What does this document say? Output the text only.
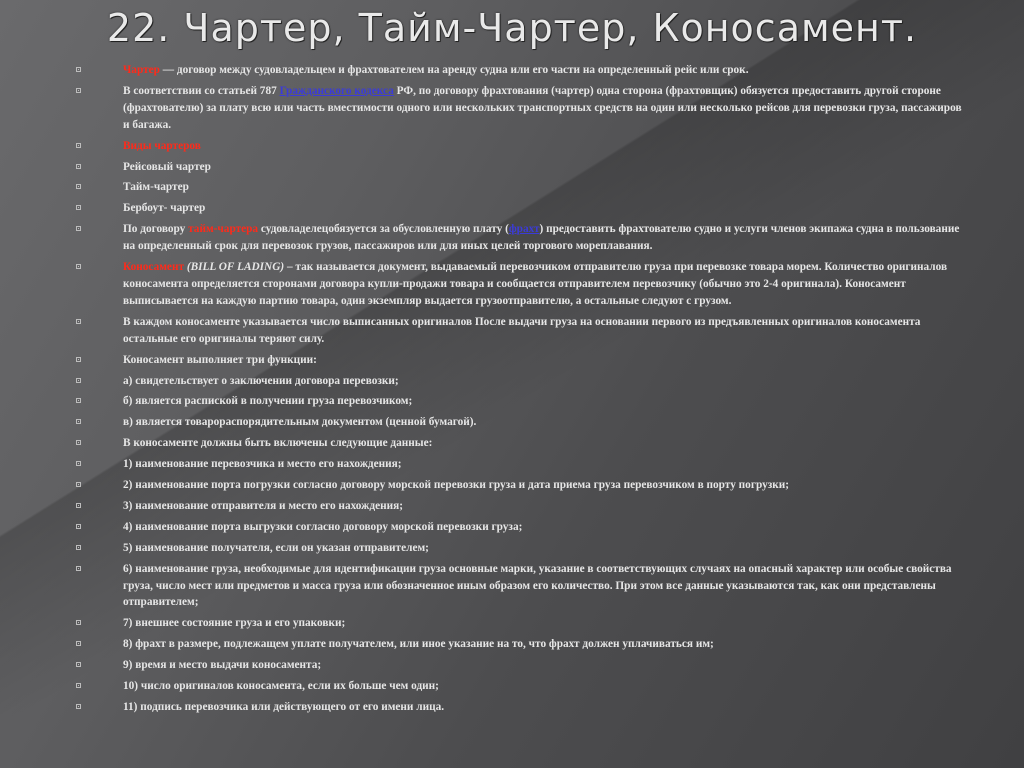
22. Чартер, Тайм-Чартер, Коносамент.
Чартер — договор между судовладельцем и фрахтователем на аренду судна или его части на определенный рейс или срок.
В соответствии со статьей 787 Гражданского кодекса РФ, по договору фрахтования (чартер) одна сторона (фрахтовщик) обязуется предоставить другой стороне (фрахтователю) за плату всю или часть вместимости одного или нескольких транспортных средств на один или несколько рейсов для перевозки груза, пассажиров и багажа.
Виды чартеров
Рейсовый чартер
Тайм-чартер
Бербоут- чартер
По договору тайм-чартера судовладелецобязуется за обусловленную плату (фрахт) предоставить фрахтователю судно и услуги членов экипажа судна в пользование на определенный срок для перевозок грузов, пассажиров или для иных целей торгового мореплавания.
Коносамент (BILL OF LADING) – так называется документ, выдаваемый перевозчиком отправителю груза при перевозке товара морем. Количество оригиналов коносамента определяется сторонами договора купли-продажи товара и сообщается отправителем перевозчику (обычно это 2-4 оригинала). Коносамент выписывается на каждую партию товара, один экземпляр выдается грузоотправителю, а остальные следуют с грузом.
В каждом коносаменте указывается число выписанных оригиналов После выдачи груза на основании первого из предъявленных оригиналов коносамента остальные его оригиналы теряют силу.
Коносамент выполняет три функции:
а) свидетельствует о заключении договора перевозки;
б) является распиской в получении груза перевозчиком;
в) является товарораспорядительным документом (ценной бумагой).
В коносаменте должны быть включены следующие данные:
1) наименование перевозчика и место его нахождения;
2) наименование порта погрузки согласно договору морской перевозки груза и дата приема груза перевозчиком в порту погрузки;
3) наименование отправителя и место его нахождения;
4) наименование порта выгрузки согласно договору морской перевозки груза;
5) наименование получателя, если он указан отправителем;
6) наименование груза, необходимые для идентификации груза основные марки, указание в соответствующих случаях на опасный характер или особые свойства груза, число мест или предметов и масса груза или обозначенное иным образом его количество. При этом все данные указываются так, как они представлены отправителем;
7) внешнее состояние груза и его упаковки;
8) фрахт в размере, подлежащем уплате получателем, или иное указание на то, что фрахт должен уплачиваться им;
9) время и место выдачи коносамента;
10) число оригиналов коносамента, если их больше чем один;
11) подпись перевозчика или действующего от его имени лица.
